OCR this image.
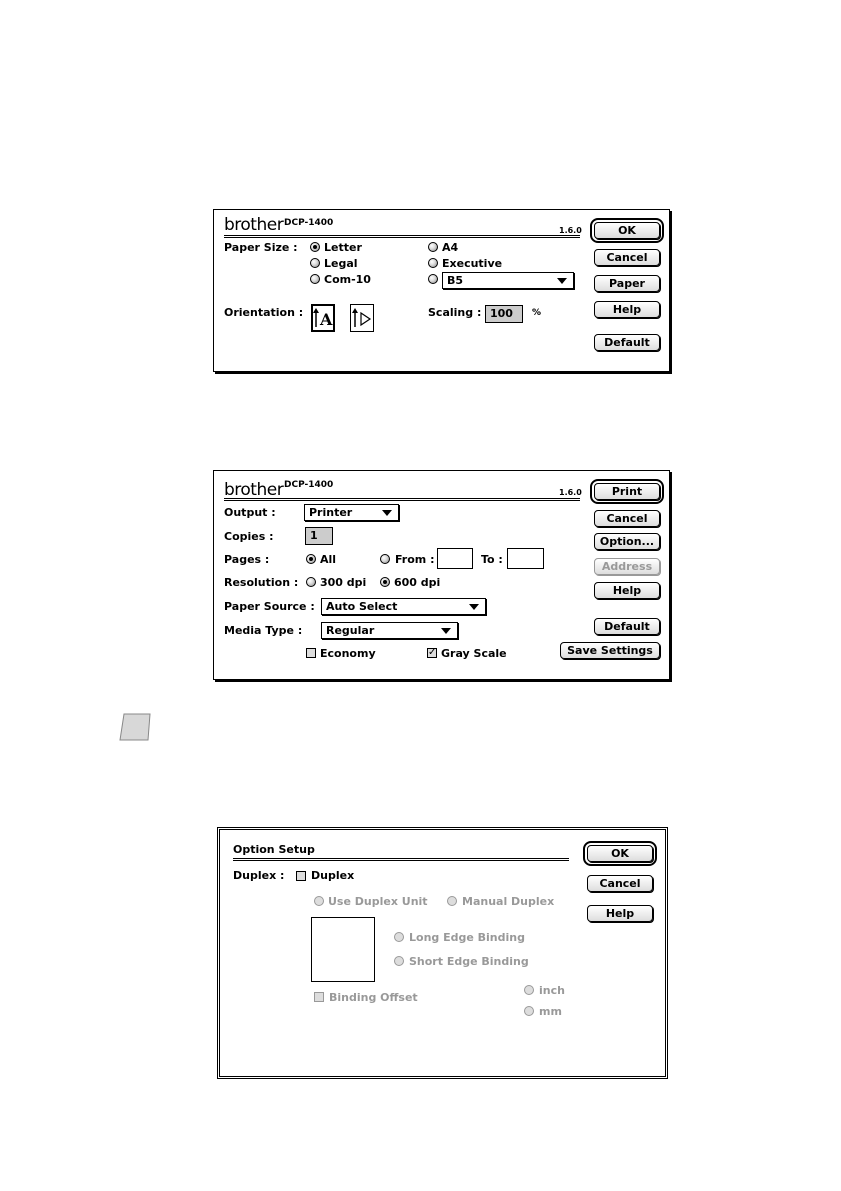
brother DCP-1400
1.6.0
Paper Size : Letter
Legal
Com-10
A4
Executive
B5
Orientation : A	Scaling : 100	%
OK
Cancel
Paper
Help
Default
brother DCP-1400
1.6.0
Output :	Printer
Copies :	1
Pages :	All	From :	To :
Resolution : 300 dpi	600 dpi
Paper Source :	Auto Select
Media Type :	Regular
Economy	✓ Gray Scale
Print
Cancel
Option...
Address
Help
Default
Save Settings
Option Setup
Duplex : Duplex
Use Duplex Unit	Manual Duplex
Long Edge Binding
Short Edge Binding
Binding Offset
inch
mm
OK
Cancel
Help
